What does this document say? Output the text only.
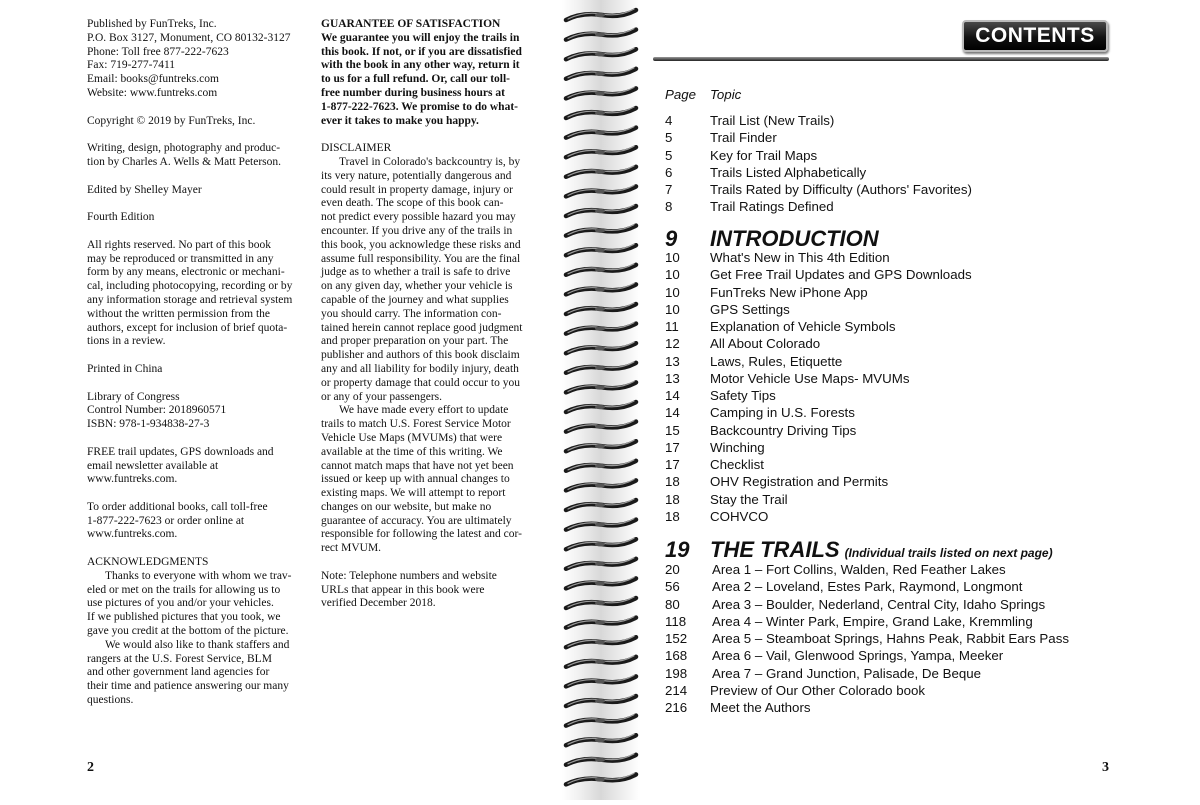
Published by FunTreks, Inc.
P.O. Box 3127, Monument, CO 80132-3127
Phone: Toll free 877-222-7623
Fax: 719-277-7411
Email: books@funtreks.com
Website: www.funtreks.com

Copyright © 2019 by FunTreks, Inc.

Writing, design, photography and produc-
tion by Charles A. Wells & Matt Peterson.

Edited by Shelley Mayer

Fourth Edition

All rights reserved. No part of this book
may be reproduced or transmitted in any
form by any means, electronic or mechani-
cal, including photocopying, recording or by
any information storage and retrieval system
without the written permission from the
authors, except for inclusion of brief quota-
tions in a review.

Printed in China

Library of Congress
Control Number: 2018960571
ISBN: 978-1-934838-27-3

FREE trail updates, GPS downloads and
email newsletter available at
www.funtreks.com.

To order additional books, call toll-free
1-877-222-7623 or order online at
www.funtreks.com.

ACKNOWLEDGMENTS

Thanks to everyone with whom we trav-
eled or met on the trails for allowing us to
use pictures of you and/or your vehicles.
If we published pictures that you took, we
gave you credit at the bottom of the picture.

We would also like to thank staffers and
rangers at the U.S. Forest Service, BLM
and other government land agencies for
their time and patience answering our many
questions.

GUARANTEE OF SATISFACTION

We guarantee you will enjoy the trails in
this book. If not, or if you are dissatisfied
with the book in any other way, return it
to us for a full refund. Or, call our toll-
free number during business hours at
1-877-222-7623. We promise to do what-
ever it takes to make you happy.

DISCLAIMER

Travel in Colorado's backcountry is, by
its very nature, potentially dangerous and
could result in property damage, injury or
even death. The scope of this book can-
not predict every possible hazard you may
encounter. If you drive any of the trails in
this book, you acknowledge these risks and
assume full responsibility. You are the final
judge as to whether a trail is safe to drive
on any given day, whether your vehicle is
capable of the journey and what supplies
you should carry. The information con-
tained herein cannot replace good judgment
and proper preparation on your part. The
publisher and authors of this book disclaim
any and all liability for bodily injury, death
or property damage that could occur to you
or any of your passengers.

We have made every effort to update
trails to match U.S. Forest Service Motor
Vehicle Use Maps (MVUMs) that were
available at the time of this writing. We
cannot match maps that have not yet been
issued or keep up with annual changes to
existing maps. We will attempt to report
changes on our website, but make no
guarantee of accuracy. You are ultimately
responsible for following the latest and cor-
rect MVUM.

Note: Telephone numbers and website
URLs that appear in this book were
verified December 2018.

2
CONTENTS
Page Topic
4	Trail List (New Trails)
5	Trail Finder
5	Key for Trail Maps
6	Trails Listed Alphabetically
7	Trails Rated by Difficulty (Authors' Favorites)
8	Trail Ratings Defined
9 INTRODUCTION
10 What's New in This 4th Edition
10 Get Free Trail Updates and GPS Downloads
10 FunTreks New iPhone App
10 GPS Settings
11 Explanation of Vehicle Symbols
12 All About Colorado
13 Laws, Rules, Etiquette
13 Motor Vehicle Use Maps- MVUMs
14 Safety Tips
14 Camping in U.S. Forests
15 Backcountry Driving Tips
17 Winching
17 Checklist
18 OHV Registration and Permits
18 Stay the Trail
18 COHVCO
19 THE TRAILS (Individual trails listed on next page)
20 Area 1 – Fort Collins, Walden, Red Feather Lakes
56 Area 2 – Loveland, Estes Park, Raymond, Longmont
80 Area 3 – Boulder, Nederland, Central City, Idaho Springs
118 Area 4 – Winter Park, Empire, Grand Lake, Kremmling
152 Area 5 – Steamboat Springs, Hahns Peak, Rabbit Ears Pass
168 Area 6 – Vail, Glenwood Springs, Yampa, Meeker
198 Area 7 – Grand Junction, Palisade, De Beque
214 Preview of Our Other Colorado book
216 Meet the Authors
3
